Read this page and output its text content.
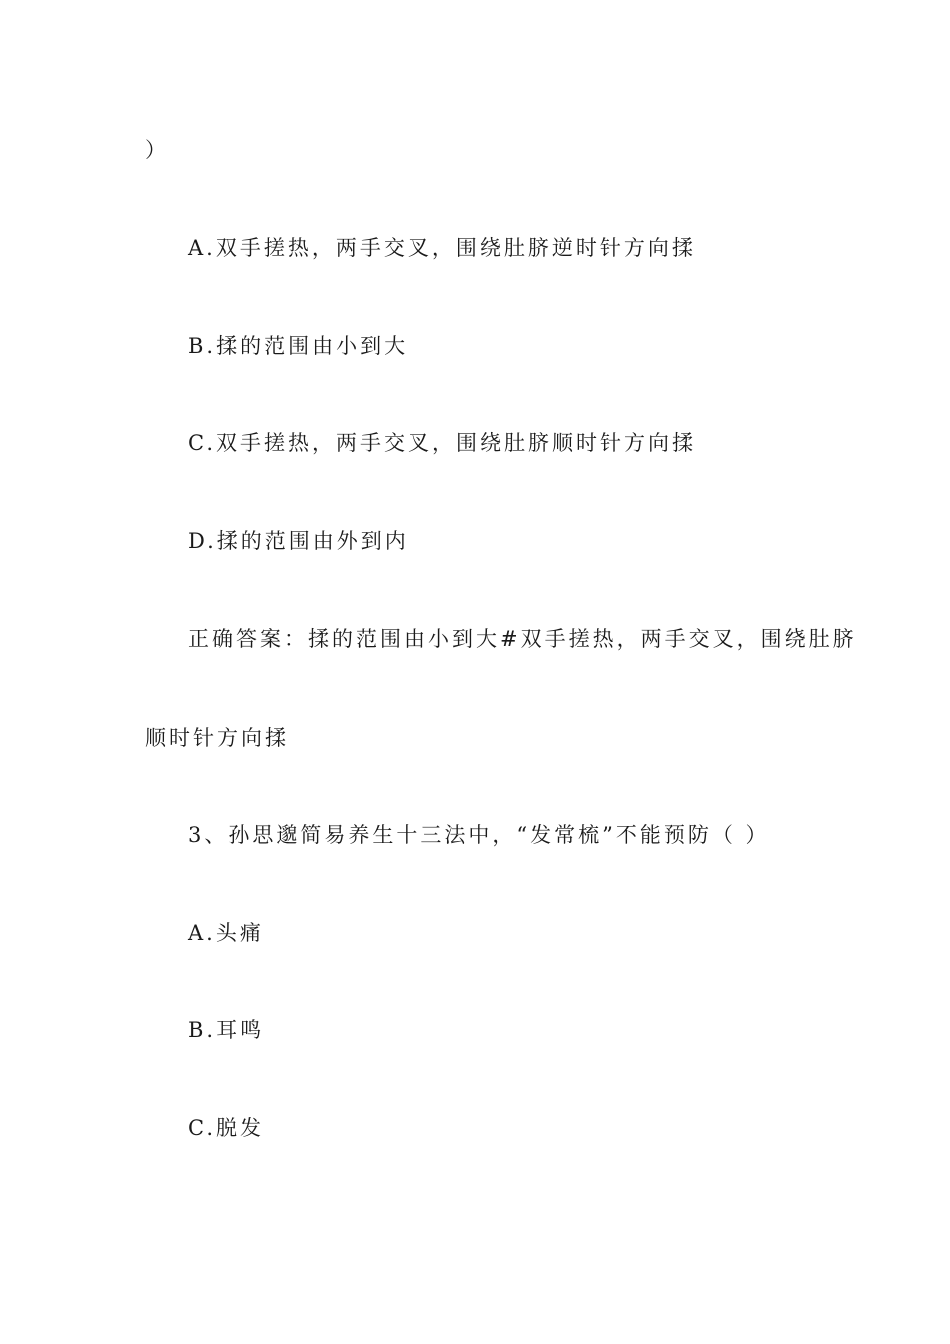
）
A.双手搓热，两手交叉，围绕肚脐逆时针方向揉
B.揉的范围由小到大
C.双手搓热，两手交叉，围绕肚脐顺时针方向揉
D.揉的范围由外到内
正确答案：揉的范围由小到大#双手搓热，两手交叉，围绕肚脐
顺时针方向揉
3、孙思邈简易养生十三法中，“发常梳”不能预防（ ）
A.头痛
B.耳鸣
C.脱发
